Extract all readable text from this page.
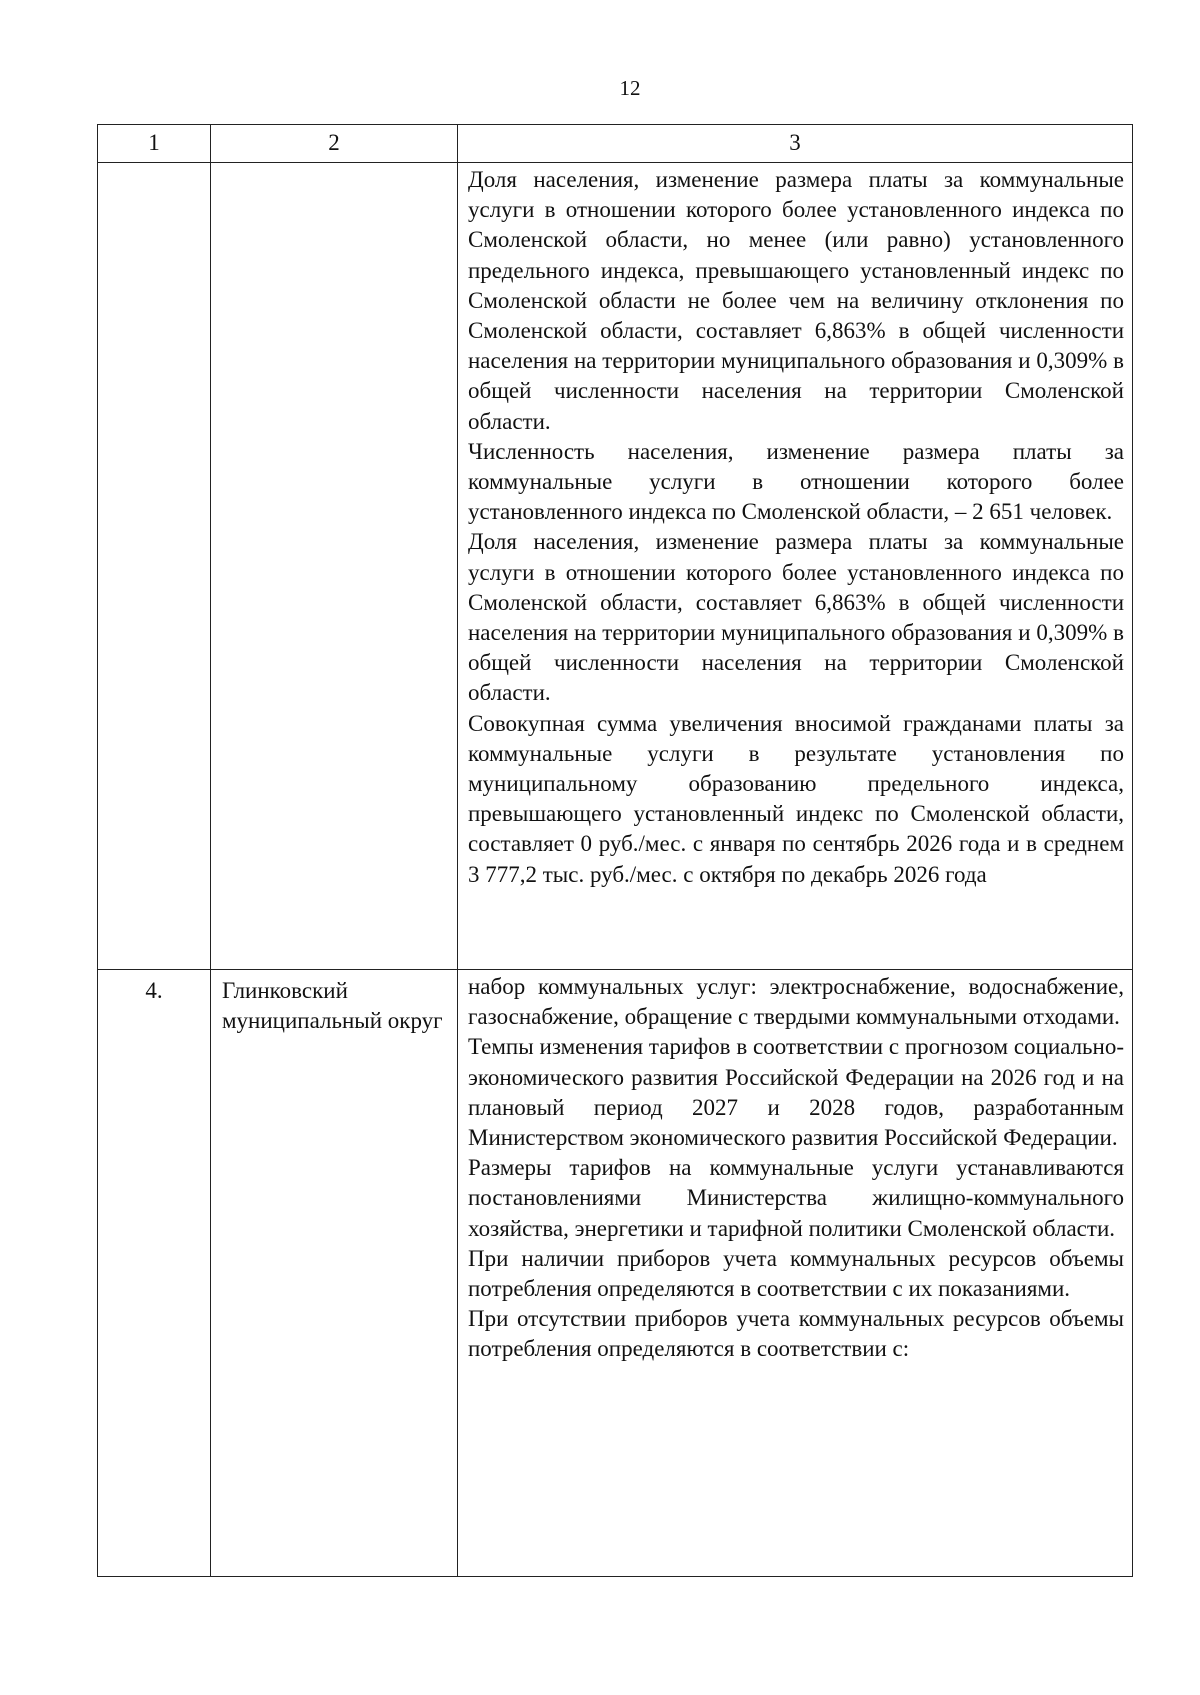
12
1	2	3

		Доля населения, изменение размера платы за коммунальные услуги в отношении которого более установленного индекса по Смоленской области, но менее (или равно) установленного предельного индекса, превышающего установленный индекс по Смоленской области не более чем на величину отклонения по Смоленской области, составляет 6,863% в общей численности населения на территории муниципального образования и 0,309% в общей численности населения на территории Смоленской области.

Численность населения, изменение размера платы за коммунальные услуги в отношении которого более установленного индекса по Смоленской области, – 2 651 человек.

Доля населения, изменение размера платы за коммунальные услуги в отношении которого более установленного индекса по Смоленской области, составляет 6,863% в общей численности населения на территории муниципального образования и 0,309% в общей численности населения на территории Смоленской области.

Совокупная сумма увеличения вносимой гражданами платы за коммунальные услуги в результате установления по муниципальному образованию предельного индекса, превышающего установленный индекс по Смоленской области, составляет 0 руб./мес. с января по сентябрь 2026 года и в среднем 3 777,2 тыс. руб./мес. с октября по декабрь 2026 года

4.	Глинковский муниципальный округ	набор коммунальных услуг: электроснабжение, водоснабжение, газоснабжение, обращение с твердыми коммунальными отходами.

Темпы изменения тарифов в соответствии с прогнозом социально-экономического развития Российской Федерации на 2026 год и на плановый период 2027 и 2028 годов, разработанным Министерством экономического развития Российской Федерации.

Размеры тарифов на коммунальные услуги устанавливаются постановлениями Министерства жилищно-коммунального хозяйства, энергетики и тарифной политики Смоленской области.

При наличии приборов учета коммунальных ресурсов объемы потребления определяются в соответствии с их показаниями.

При отсутствии приборов учета коммунальных ресурсов объемы потребления определяются в соответствии с:
